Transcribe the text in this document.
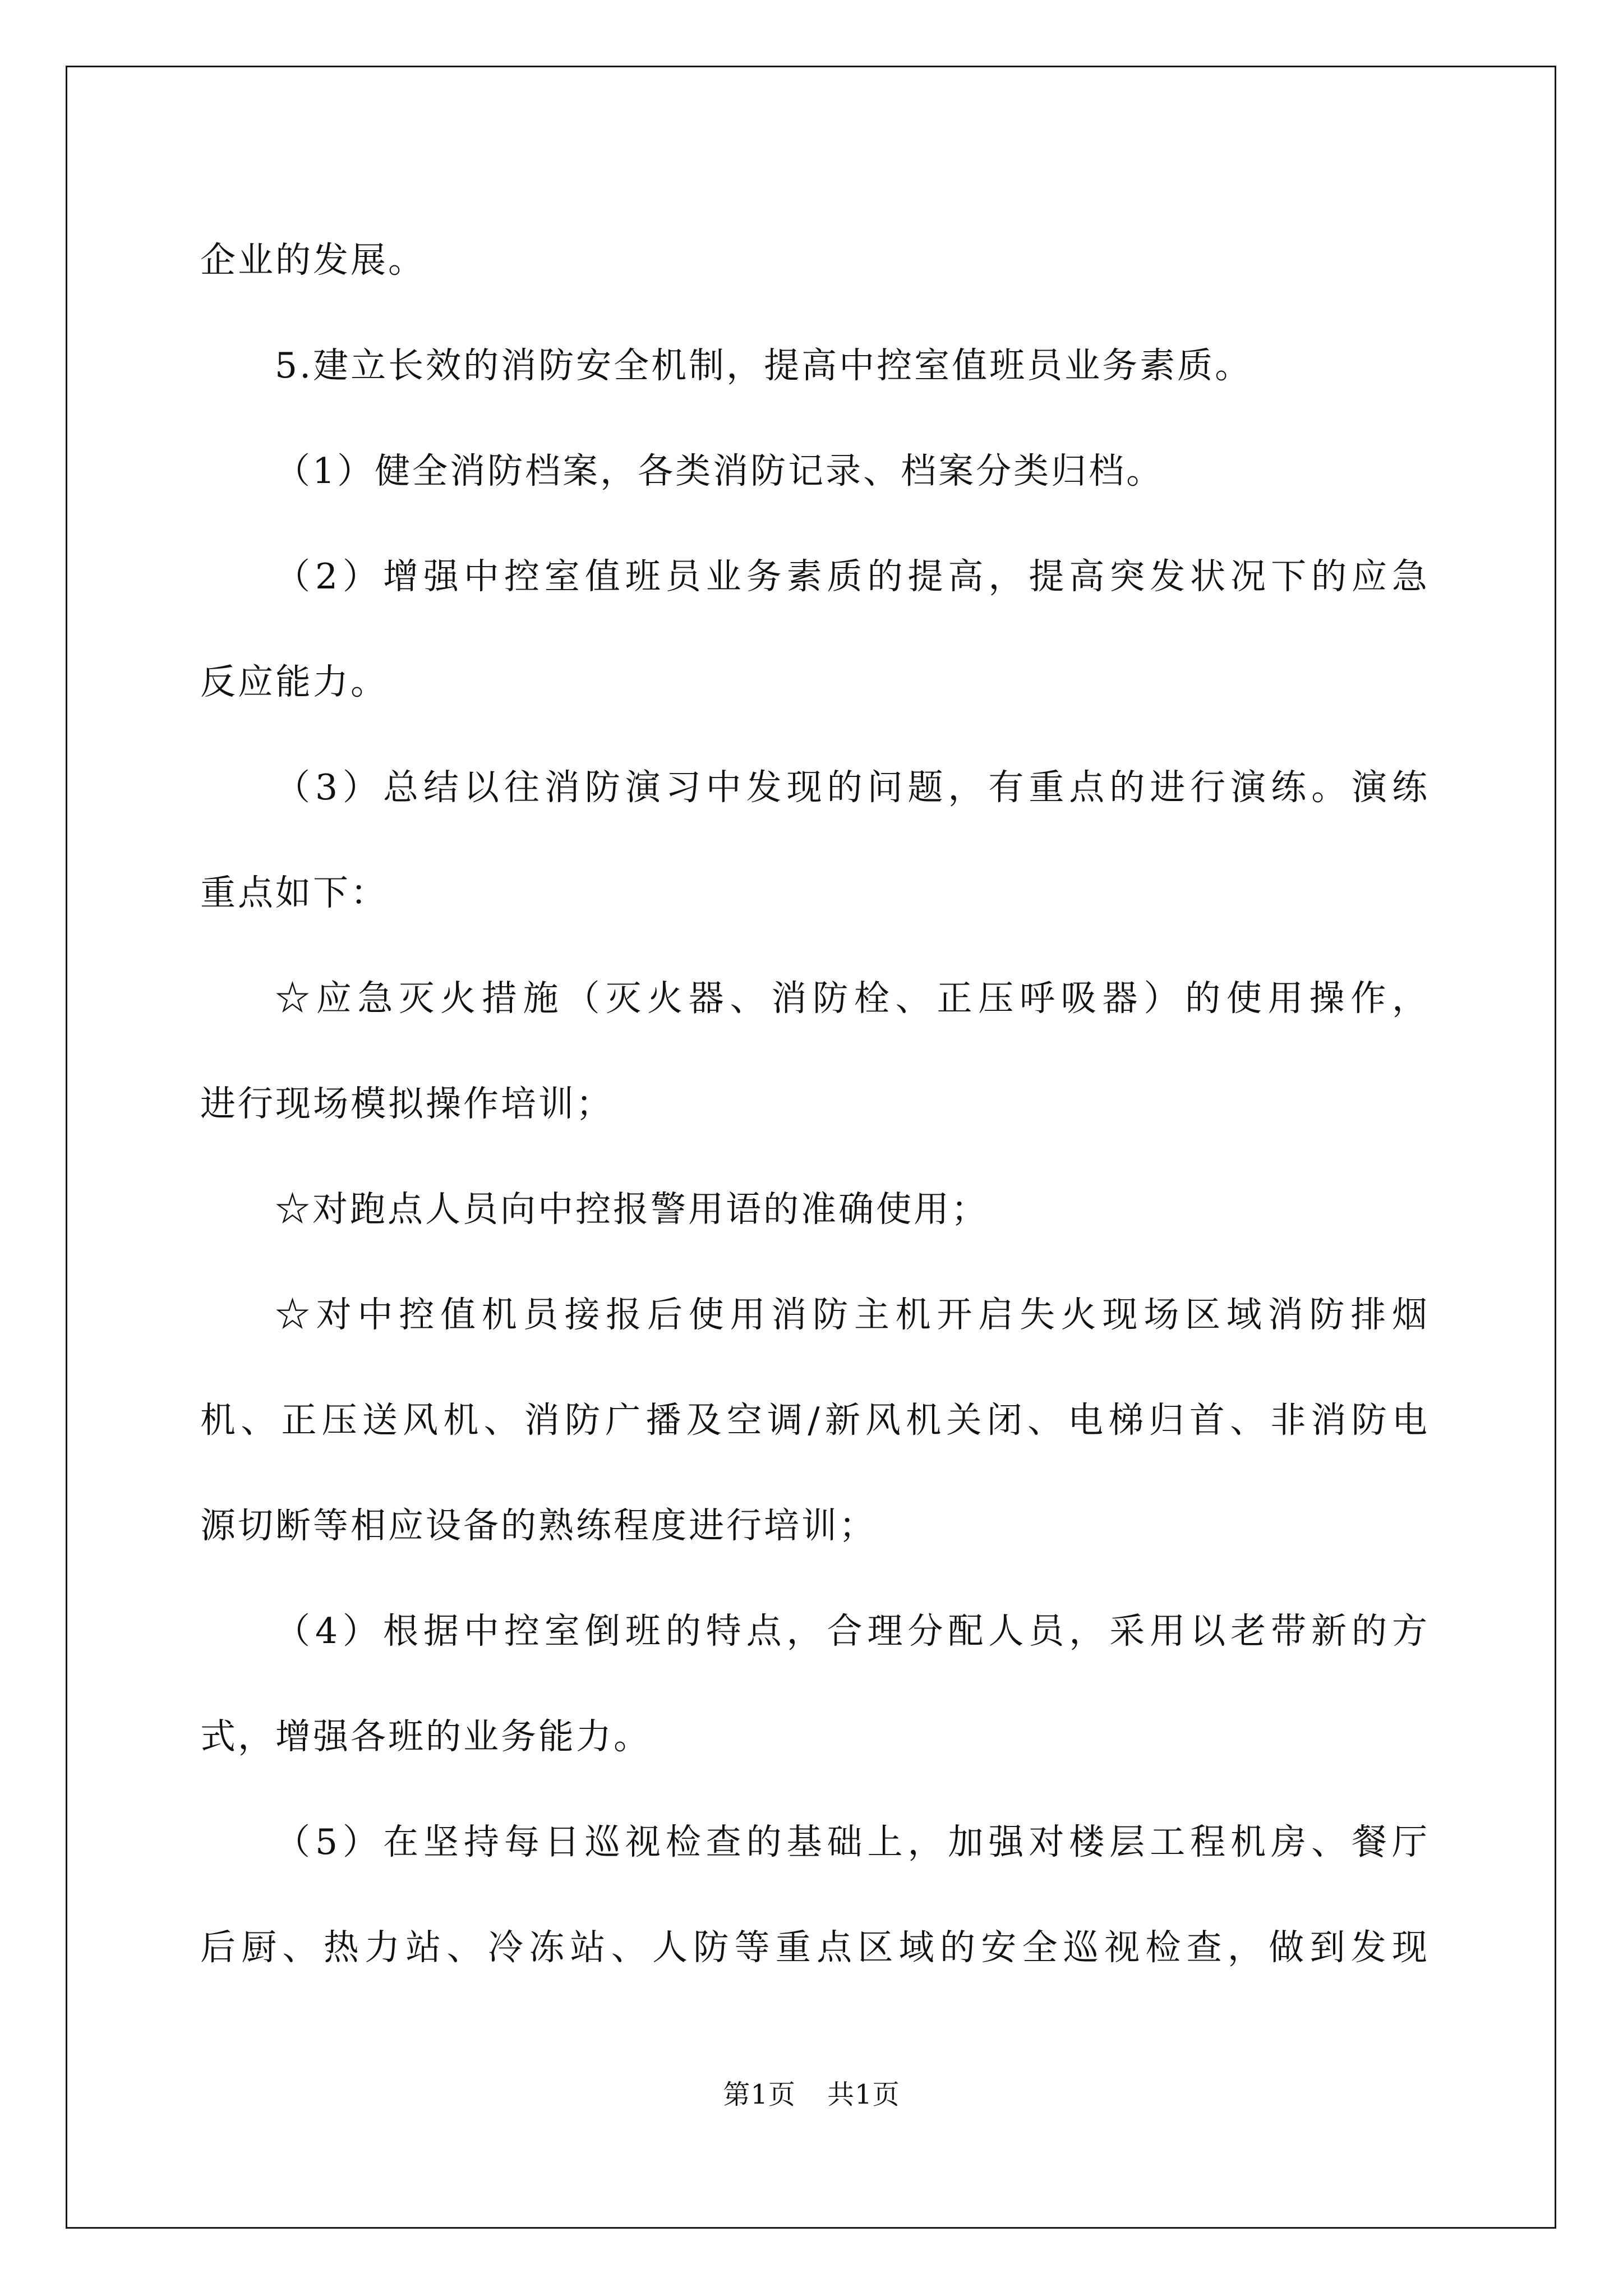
企业的发展。
5.建立长效的消防安全机制，提高中控室值班员业务素质。
（1）健全消防档案，各类消防记录、档案分类归档。
（2）增强中控室值班员业务素质的提高，提高突发状况下的应急
反应能力。
（3）总结以往消防演习中发现的问题，有重点的进行演练。演练
重点如下：
☆应急灭火措施（灭火器、消防栓、正压呼吸器）的使用操作，
进行现场模拟操作培训；
☆对跑点人员向中控报警用语的准确使用；
☆对中控值机员接报后使用消防主机开启失火现场区域消防排烟
机、正压送风机、消防广播及空调/新风机关闭、电梯归首、非消防电
源切断等相应设备的熟练程度进行培训；
（4）根据中控室倒班的特点，合理分配人员，采用以老带新的方
式，增强各班的业务能力。
（5）在坚持每日巡视检查的基础上，加强对楼层工程机房、餐厅
后厨、热力站、冷冻站、人防等重点区域的安全巡视检查，做到发现
第1页 共1页
